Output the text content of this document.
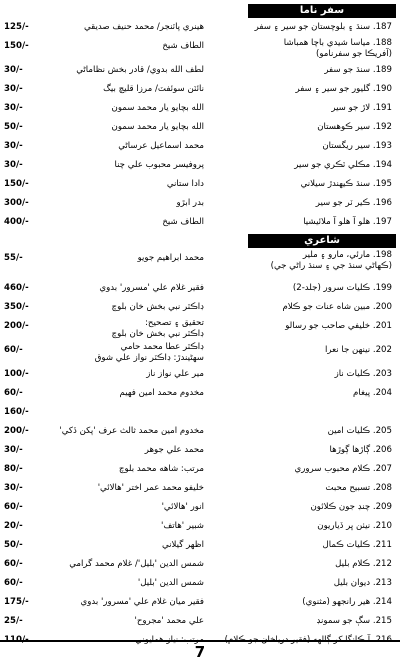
سفر ناما
187. سنڌ ۽ بلوچستان جو سير ۽ سفر
هينري پاٽنجر/ محمد حنيف صديقي
125/-
188. مياسا شيدي باچا همباشا
(آفريڪا جو سفرنامو)
الطاف شيخ
150/-
189. سنڌ جو سفر
لطف الله بدوي/ قادر بخش نظاماڻي
30/-
190. گليور جو سير ۽ سفر
نائٽن سوئفٽ/ مرزا قليچ بيگ
30/-
191. لاڙ جو سير
الله بچايو يار محمد سمون
30/-
192. سير ڪوهستان
الله بچايو يار محمد سمون
50/-
193. سير ريگستان
محمد اسماعيل عرساڻي
30/-
194. مڪلي ٽڪري جو سير
پروفيسر محبوب علي چنا
30/-
195. سنڌ ڪيهندڙ سيلاني
دادا ستاني
150/-
196. ڪير ٽر جو سير
بدر ابڙو
300/-
197. هلو آ هلو آ ملائيشيا
الطاف شيخ
400/-
شاعري
198. مارئي، مارو ۽ ملير
(ڪهاڻي سنڌ جي ۽ سنڌ راڻي جي)
محمد ابراهيم جويو
55/-
199. ڪليات سرور (جلد-2)
فقير غلام علي 'مسرور' بدوي
460/-
200. مبين شاه عنات جو ڪلام
ڊاڪٽر نبي بخش خان بلوچ
350/-
201. خليفي صاحب جو رسالو
تحقيق ۽ تصحيح:
ڊاڪٽر نبي بخش خان بلوچ
200/-
202. نينهن جا نعرا
ڊاڪٽر عطا محمد حامي
سهڻيندڙ: ڊاڪٽر نواز علي شوق
60/-
203. ڪليات ناز
مير علي نواز ناز
100/-
204. پيغام
مخدوم محمد امين فهيم
60/-
160/-
205. ڪليات امين
مخدوم امين محمد ثالث عرف 'پکن ڏکي'
200/-
206. ڳاڙها ڳوڙها
محمد علي جوهر
30/-
207. ڪلام محبوب سروري
مرتب: شاهه محمد بلوچ
80/-
208. تسبيح محبت
خليفو محمد عمر اختر 'هالائي'
30/-
209. چنڊ جون ڪلائون
انور 'هالائي'
60/-
210. نيٺن ڀر ڏياريون
شبير 'هاتف'
20/-
211. ڪليات ڪمال
اظهر گيلاني
50/-
212. ڪلام بليل
شمس الدين 'بليل'/ غلام محمد گرامي
60/-
213. ديوان بليل
شمس الدين 'بليل'
60/-
214. هير رانجهو (مثنوي)
فقير ميان غلام علي 'مسرور' بدوي
175/-
215. سڳ جو سمونڊ
علي محمد 'مجروح'
25/-
7
